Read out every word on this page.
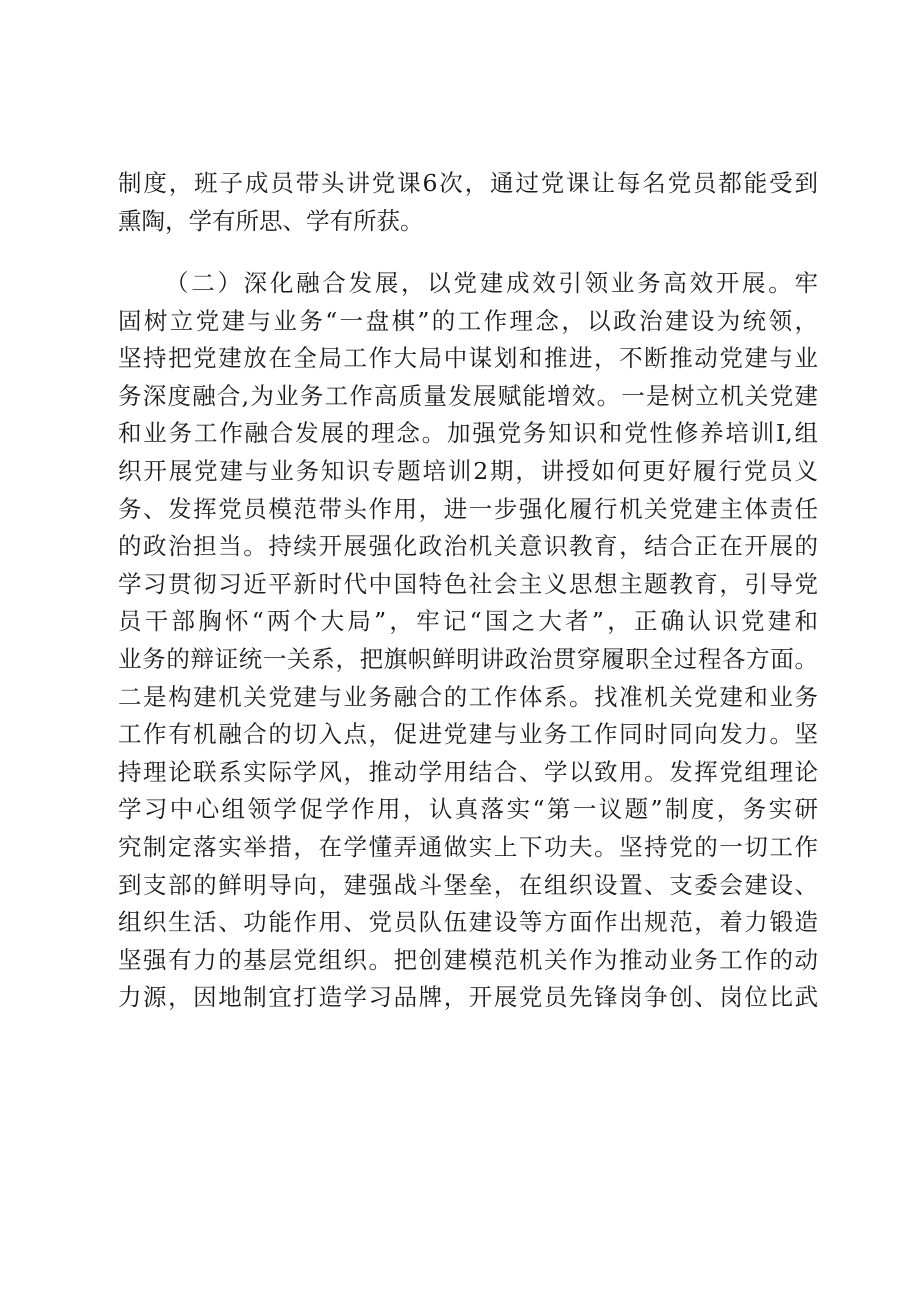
制度，班子成员带头讲党课6次，通过党课让每名党员都能受到
熏陶，学有所思、学有所获。
（二）深化融合发展，以党建成效引领业务高效开展。牢
固树立党建与业务“一盘棋”的工作理念，以政治建设为统领，
坚持把党建放在全局工作大局中谋划和推进，不断推动党建与业
务深度融合,为业务工作高质量发展赋能增效。一是树立机关党建
和业务工作融合发展的理念。加强党务知识和党性修养培训I,组
织开展党建与业务知识专题培训2期，讲授如何更好履行党员义
务、发挥党员模范带头作用，进一步强化履行机关党建主体责任
的政治担当。持续开展强化政治机关意识教育，结合正在开展的
学习贯彻习近平新时代中国特色社会主义思想主题教育，引导党
员干部胸怀“两个大局”，牢记“国之大者”，正确认识党建和
业务的辩证统一关系，把旗帜鲜明讲政治贯穿履职全过程各方面。
二是构建机关党建与业务融合的工作体系。找准机关党建和业务
工作有机融合的切入点，促进党建与业务工作同时同向发力。坚
持理论联系实际学风，推动学用结合、学以致用。发挥党组理论
学习中心组领学促学作用，认真落实“第一议题”制度，务实研
究制定落实举措，在学懂弄通做实上下功夫。坚持党的一切工作
到支部的鲜明导向，建强战斗堡垒，在组织设置、支委会建设、
组织生活、功能作用、党员队伍建设等方面作出规范，着力锻造
坚强有力的基层党组织。把创建模范机关作为推动业务工作的动
力源，因地制宜打造学习品牌，开展党员先锋岗争创、岗位比武
